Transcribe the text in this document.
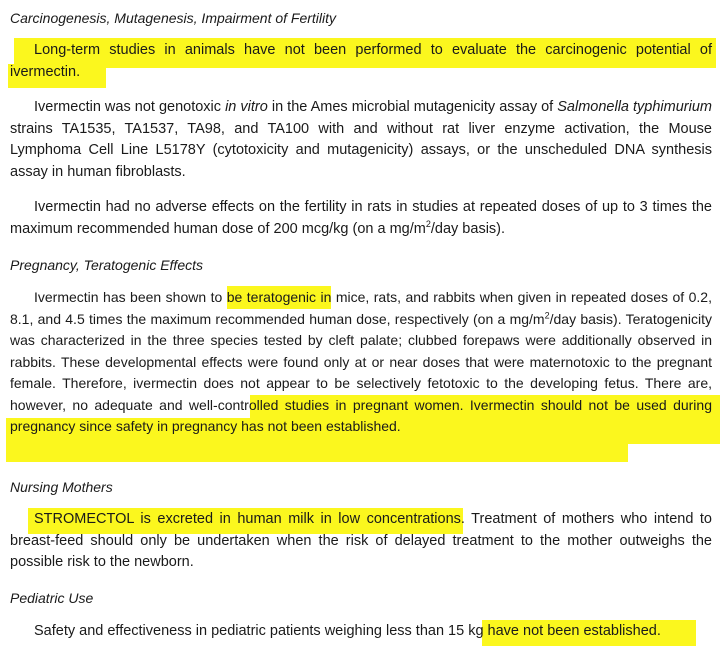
Carcinogenesis, Mutagenesis, Impairment of Fertility
Long-term studies in animals have not been performed to evaluate the carcinogenic potential of ivermectin.
Ivermectin was not genotoxic in vitro in the Ames microbial mutagenicity assay of Salmonella typhimurium strains TA1535, TA1537, TA98, and TA100 with and without rat liver enzyme activation, the Mouse Lymphoma Cell Line L5178Y (cytotoxicity and mutagenicity) assays, or the unscheduled DNA synthesis assay in human fibroblasts.
Ivermectin had no adverse effects on the fertility in rats in studies at repeated doses of up to 3 times the maximum recommended human dose of 200 mcg/kg (on a $mg/m^2$/day basis).
Pregnancy, Teratogenic Effects
Ivermectin has been shown to be teratogenic in mice, rats, and rabbits when given in repeated doses of 0.2, 8.1, and 4.5 times the maximum recommended human dose, respectively (on a $mg/m^2$/day basis). Teratogenicity was characterized in the three species tested by cleft palate; clubbed forepaws were additionally observed in rabbits. These developmental effects were found only at or near doses that were maternotoxic to the pregnant female. Therefore, ivermectin does not appear to be selectively fetotoxic to the developing fetus. There are, however, no adequate and well-controlled studies in pregnant women. Ivermectin should not be used during pregnancy since safety in pregnancy has not been established.
Nursing Mothers
STROMECTOL is excreted in human milk in low concentrations. Treatment of mothers who intend to breast-feed should only be undertaken when the risk of delayed treatment to the mother outweighs the possible risk to the newborn.
Pediatric Use
Safety and effectiveness in pediatric patients weighing less than 15 kg have not been established.
